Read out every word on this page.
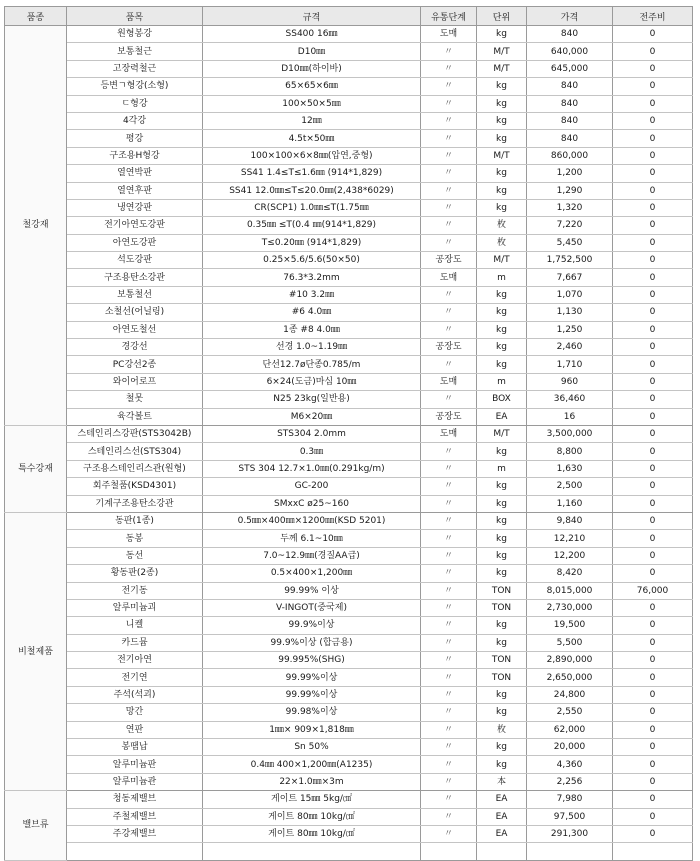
품종	품목	규격	유통단계	단위	가격	전주비
철강재	원형봉강	SS400 16㎜	도매	kg	840	0
	보통철근	D10㎜	〃	M/T	640,000	0
	고장력철근	D10㎜(하이바)	〃	M/T	645,000	0
	등변ㄱ형강(소형)	65×65×6㎜	〃	kg	840	0
	ㄷ형강	100×50×5㎜	〃	kg	840	0
	4각강	12㎜	〃	kg	840	0
	평강	4.5t×50㎜	〃	kg	840	0
	구조용H형강	100×100×6×8㎜(압연,중형)	〃	M/T	860,000	0
	열연박판	SS41 1.4≤T≤1.6㎜ (914*1,829)	〃	kg	1,200	0
	열연후판	SS41 12.0㎜≤T≤20.0㎜(2,438*6029)	〃	kg	1,290	0
	냉연강판	CR(SCP1) 1.0㎜≤T(1.75㎜	〃	kg	1,320	0
	전기아연도강판	0.35㎜ ≤T(0.4 ㎜(914*1,829)	〃	枚	7,220	0
	아연도강판	T≤0.20㎜ (914*1,829)	〃	枚	5,450	0
	석도강판	0.25×5.6/5.6(50×50)	공장도	M/T	1,752,500	0
	구조용탄소강관	76.3*3.2mm	도매	m	7,667	0
	보통철선	#10 3.2㎜	〃	kg	1,070	0
	소철선(어닐링)	#6 4.0㎜	〃	kg	1,130	0
	아연도철선	1종 #8 4.0㎜	〃	kg	1,250	0
	경강선	선경 1.0~1.19㎜	공장도	kg	2,460	0
	PC강선2종	단선12.7ø단종0.785/m	〃	kg	1,710	0
	와이어로프	6×24(도금)마심 10㎜	도매	m	960	0
	철못	N25 23kg(일반용)	〃	BOX	36,460	0
	육각볼트	M6×20㎜	공장도	EA	16	0
특수강재	스테인리스강판(STS3042B)	STS304 2.0mm	도매	M/T	3,500,000	0
	스테인리스선(STS304)	0.3㎜	〃	kg	8,800	0
	구조용스테인리스관(원형)	STS 304 12.7×1.0㎜(0.291kg/m)	〃	m	1,630	0
	회주철품(KSD4301)	GC-200	〃	kg	2,500	0
	기계구조용탄소강관	SMxxC ø25~160	〃	kg	1,160	0
비철제품	동판(1종)	0.5㎜×400㎜×1200㎜(KSD 5201)	〃	kg	9,840	0
	동봉	두께 6.1~10㎜	〃	kg	12,210	0
	동선	7.0~12.9㎜(경질AA급)	〃	kg	12,200	0
	황동판(2종)	0.5×400×1,200㎜	〃	kg	8,420	0
	전기동	99.99% 이상	〃	TON	8,015,000	76,000
	알루미늄괴	V-INGOT(중국제)	〃	TON	2,730,000	0
	니켈	99.9%이상	〃	kg	19,500	0
	카드뮴	99.9%이상 (합금용)	〃	kg	5,500	0
	전기아연	99.995%(SHG)	〃	TON	2,890,000	0
	전기연	99.99%이상	〃	TON	2,650,000	0
	주석(석괴)	99.99%이상	〃	kg	24,800	0
	망간	99.98%이상	〃	kg	2,550	0
	연판	1㎜× 909×1,818㎜	〃	枚	62,000	0
	봉땜납	Sn 50%	〃	kg	20,000	0
	알루미늄판	0.4㎜ 400×1,200㎜(A1235)	〃	kg	4,360	0
	알루미늄관	22×1.0㎜×3m	〃	本	2,256	0
밸브류	청동제밸브	게이트 15㎜ 5kg/㎠	〃	EA	7,980	0
	주철제밸브	게이트 80㎜ 10kg/㎠	〃	EA	97,500	0
	주강제밸브	게이트 80㎜ 10kg/㎠	〃	EA	291,300	0
